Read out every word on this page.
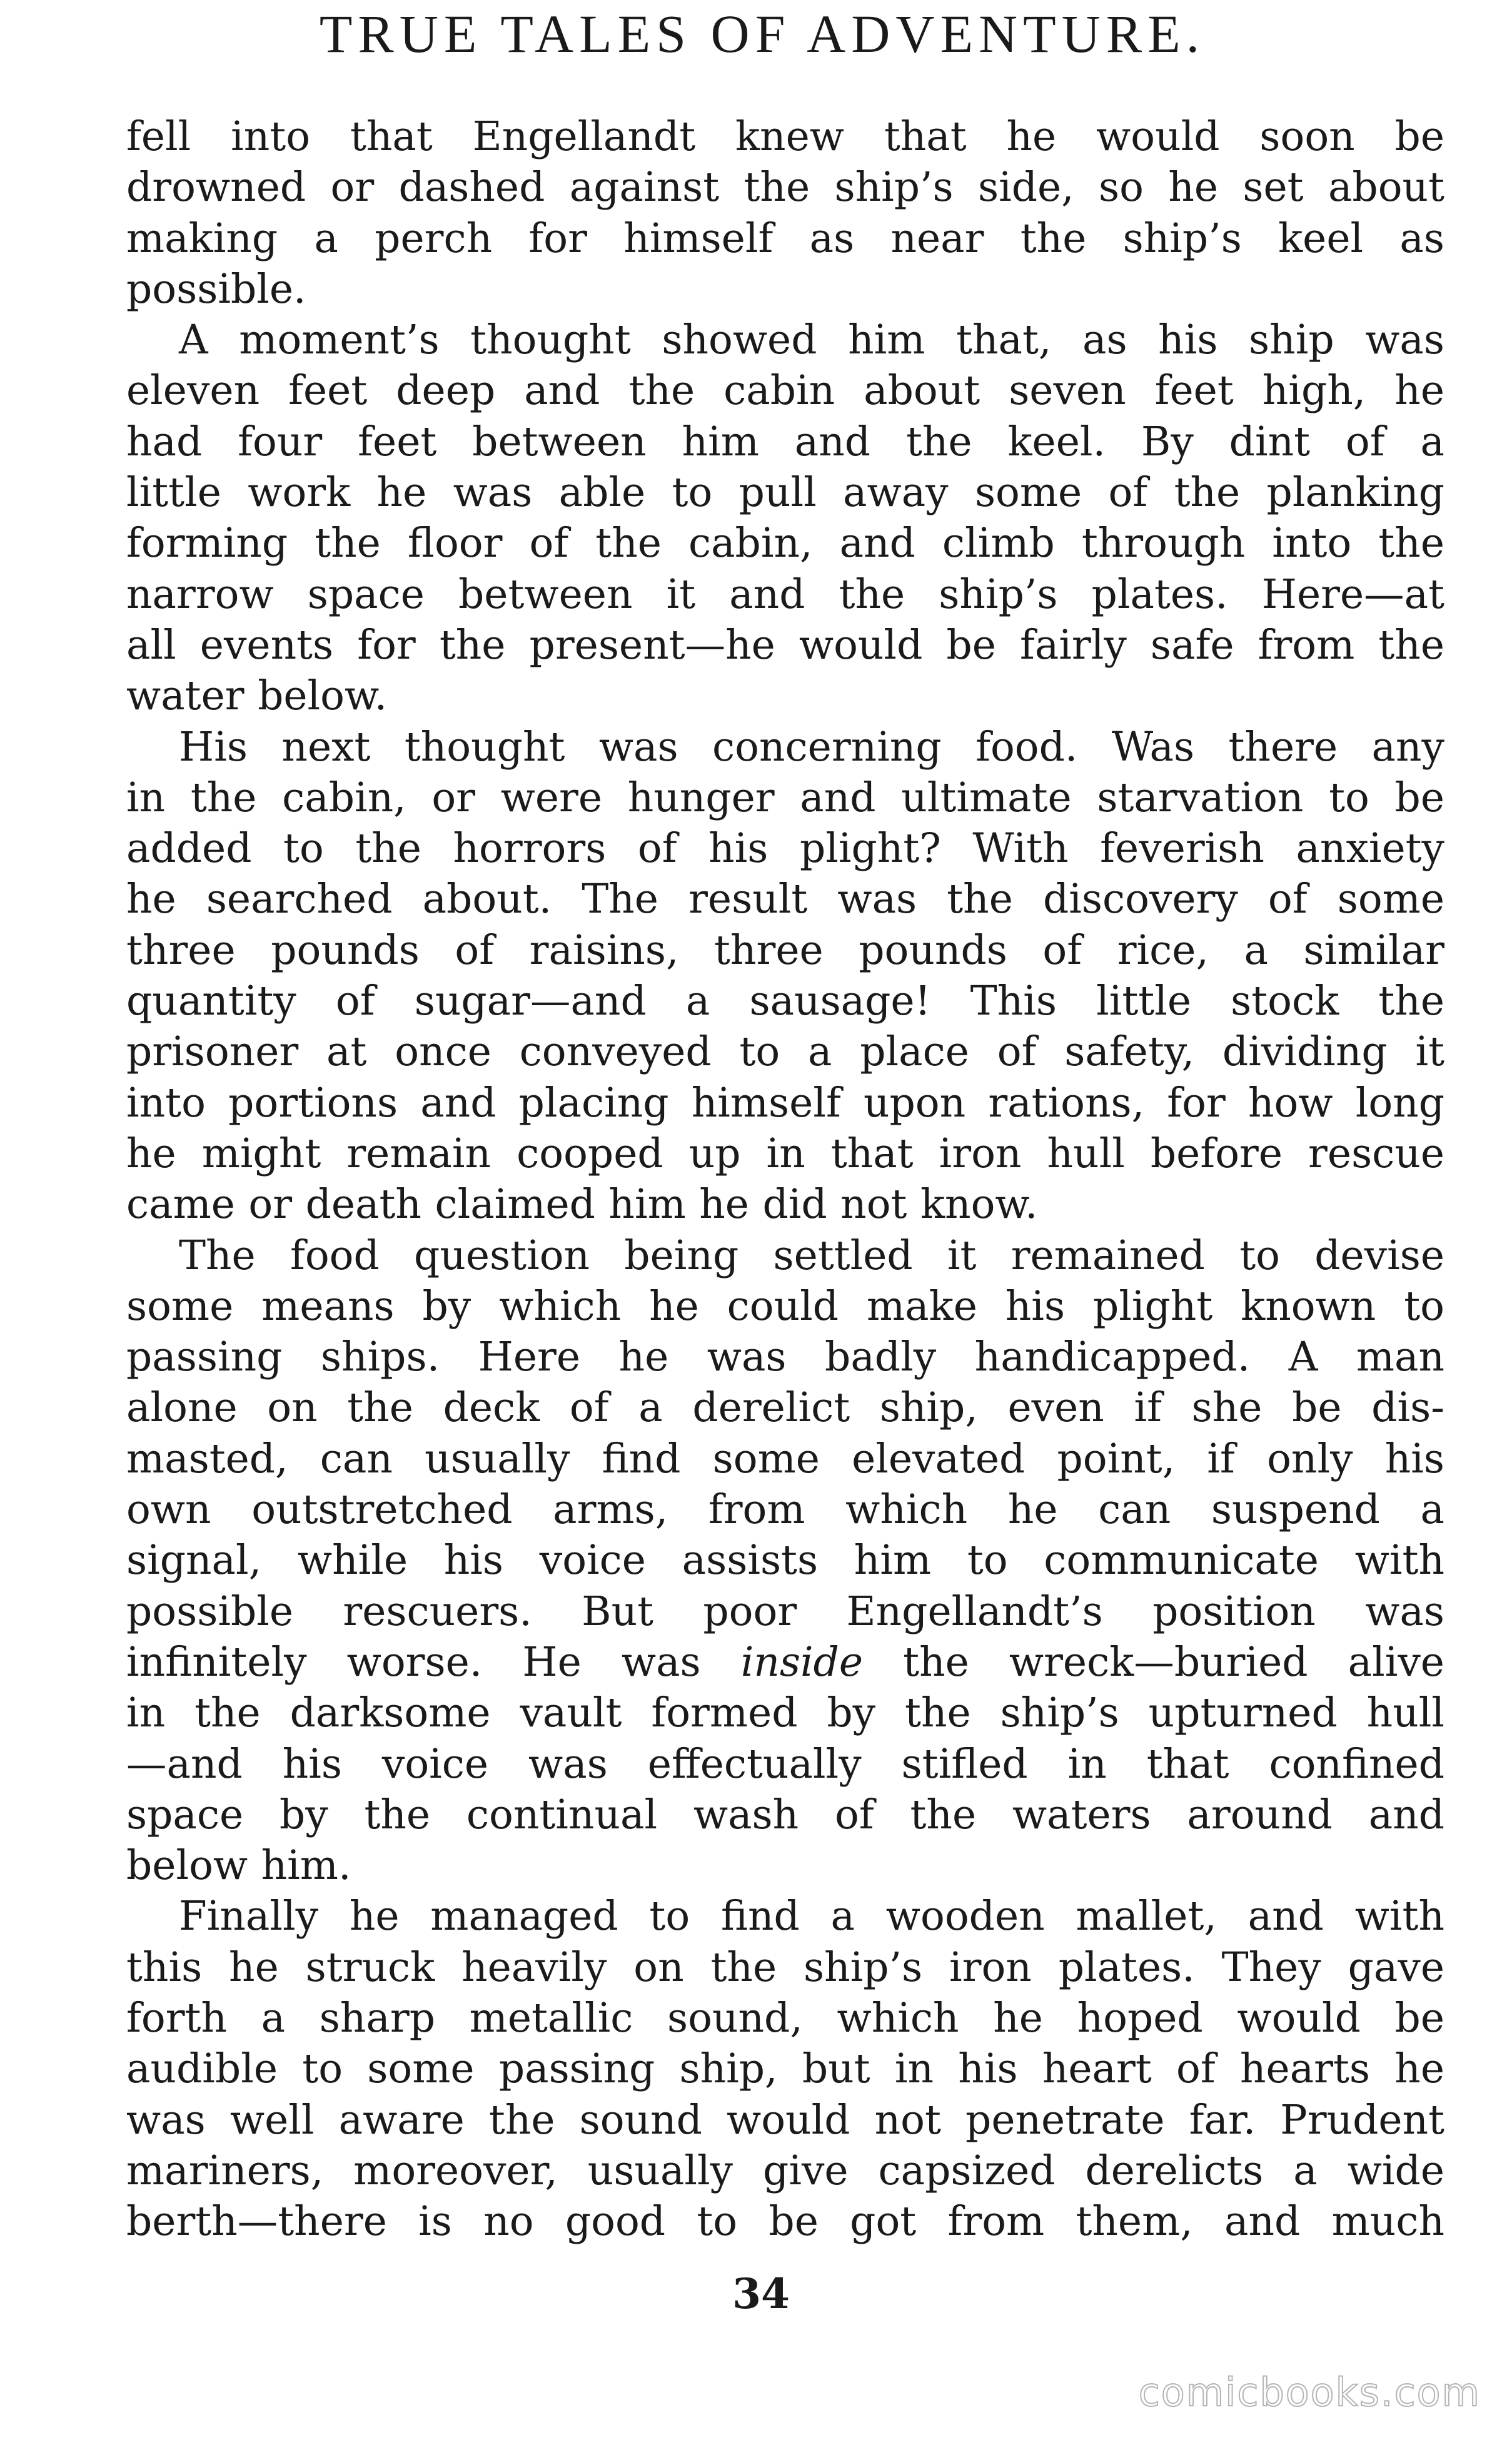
TRUE TALES OF ADVENTURE.

fell into that Engellandt knew that he would soon be
drowned or dashed against the ship’s side, so he set about
making a perch for himself as near the ship’s keel as
possible.

A moment’s thought showed him that, as his ship was
eleven feet deep and the cabin about seven feet high, he
had four feet between him and the keel. By dint of a
little work he was able to pull away some of the planking
forming the floor of the cabin, and climb through into the
narrow space between it and the ship’s plates. Here—at
all events for the present—he would be fairly safe from the
water below.

His next thought was concerning food. Was there any
in the cabin, or were hunger and ultimate starvation to be
added to the horrors of his plight? With feverish anxiety
he searched about. The result was the discovery of some
three pounds of raisins, three pounds of rice, a similar
quantity of sugar—and a sausage! This little stock the
prisoner at once conveyed to a place of safety, dividing it
into portions and placing himself upon rations, for how long
he might remain cooped up in that iron hull before rescue
came or death claimed him he did not know.

The food question being settled it remained to devise
some means by which he could make his plight known to
passing ships. Here he was badly handicapped. A man
alone on the deck of a derelict ship, even if she be dis-
masted, can usually find some elevated point, if only his
own outstretched arms, from which he can suspend a
signal, while his voice assists him to communicate with
possible rescuers. But poor Engellandt’s position was
infinitely worse. He was inside the wreck—buried alive
in the darksome vault formed by the ship’s upturned hull
—and his voice was effectually stifled in that confined
space by the continual wash of the waters around and
below him.

Finally he managed to find a wooden mallet, and with
this he struck heavily on the ship’s iron plates. They gave
forth a sharp metallic sound, which he hoped would be
audible to some passing ship, but in his heart of hearts he
was well aware the sound would not penetrate far. Prudent
mariners, moreover, usually give capsized derelicts a wide
berth—there is no good to be got from them, and much

34
comicbooks.com
